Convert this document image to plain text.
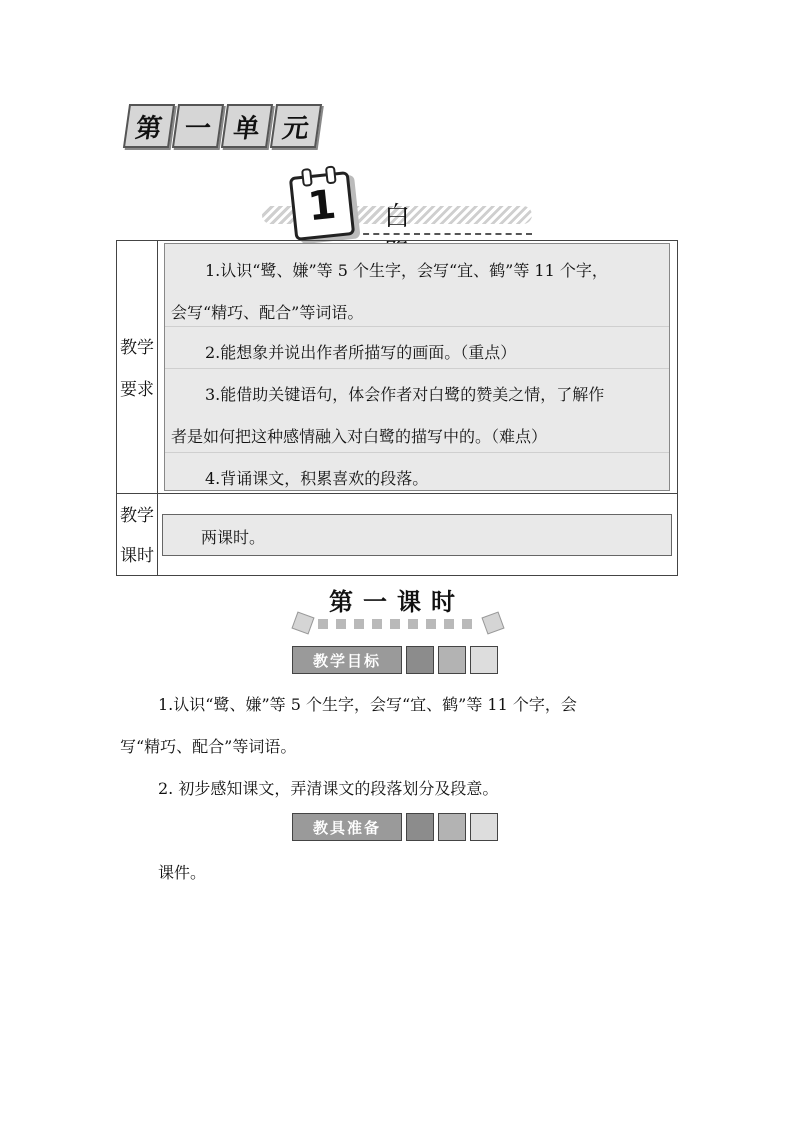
第 一 单 元
1	白
教学
要求
1.认识“鹭、嫌”等 5 个生字，会写“宜、鹤”等 11 个字，
会写“精巧、配合”等词语。
2.能想象并说出作者所描写的画面。（重点）
3.能借助关键语句，体会作者对白鹭的赞美之情，了解作
者是如何把这种感情融入对白鹭的描写中的。（难点）
4.背诵课文，积累喜欢的段落。
教学
课时
两课时。
第一课时
教学目标
1.认识“鹭、嫌”等 5 个生字，会写“宜、鹤”等 11 个字，会
写“精巧、配合”等词语。
2. 初步感知课文，弄清课文的段落划分及段意。
教具准备
课件。
